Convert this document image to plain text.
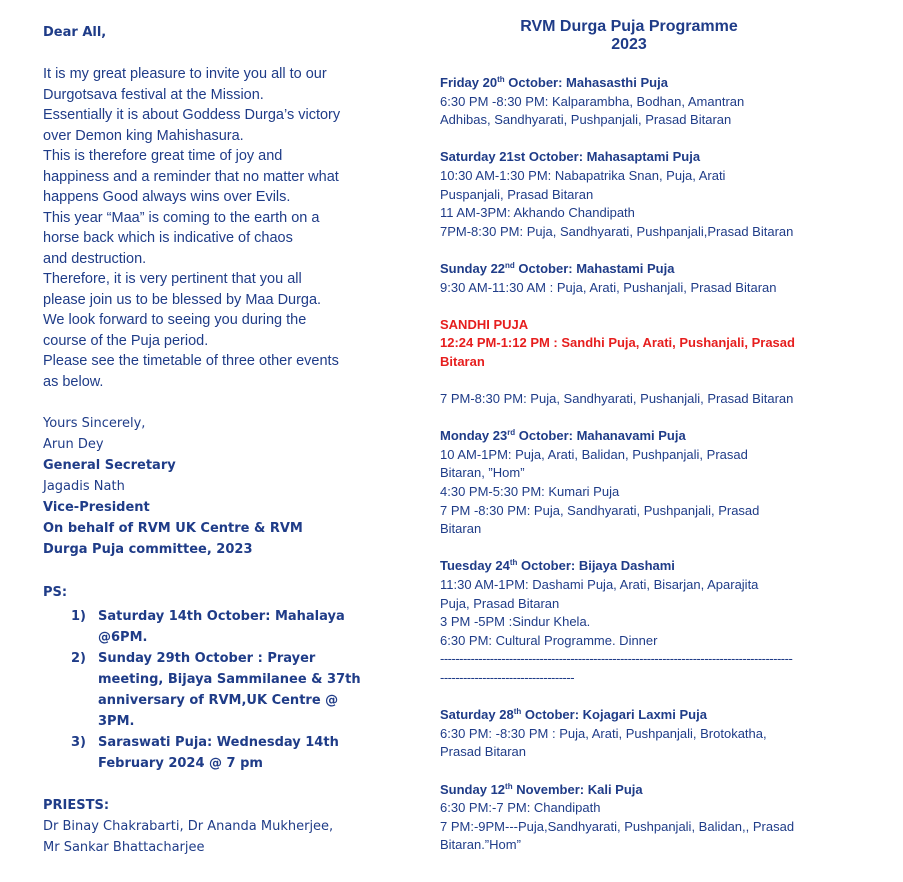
Dear All,
It is my great pleasure to invite you all to our
Durgotsava festival at the Mission.
Essentially it is about Goddess Durga’s victory
over Demon king Mahishasura.
This is therefore great time of joy and
happiness and a reminder that no matter what
happens Good always wins over Evils.
This year “Maa” is coming to the earth on a
horse back which is indicative of chaos
and destruction.
Therefore, it is very pertinent that you all
please join us to be blessed by Maa Durga.
We look forward to seeing you during the
course of the Puja period.
Please see the timetable of three other events
as below.
Yours Sincerely,
Arun Dey
General Secretary
Jagadis Nath
Vice-President
On behalf of RVM UK Centre & RVM
Durga Puja committee, 2023
PS:
1) Saturday 14th October: Mahalaya
@6PM.
2) Sunday 29th October : Prayer
meeting, Bijaya Sammilanee & 37th
anniversary of RVM,UK Centre @
3PM.
3) Saraswati Puja: Wednesday 14th
February 2024 @ 7 pm
PRIESTS:
Dr Binay Chakrabarti, Dr Ananda Mukherjee,
Mr Sankar Bhattacharjee
RVM Durga Puja Programme
2023
Friday 20th October: Mahasasthi Puja
6:30 PM -8:30 PM: Kalparambha, Bodhan, Amantran
Adhibas, Sandhyarati, Pushpanjali, Prasad Bitaran
Saturday 21st October: Mahasaptami Puja
10:30 AM-1:30 PM: Nabapatrika Snan, Puja, Arati
Puspanjali, Prasad Bitaran
11 AM-3PM: Akhando Chandipath
7PM-8:30 PM: Puja, Sandhyarati, Pushpanjali,Prasad Bitaran
Sunday 22nd October: Mahastami Puja
9:30 AM-11:30 AM : Puja, Arati, Pushanjali, Prasad Bitaran
SANDHI PUJA
12:24 PM-1:12 PM : Sandhi Puja, Arati, Pushanjali, Prasad
Bitaran
7 PM-8:30 PM: Puja, Sandhyarati, Pushanjali, Prasad Bitaran
Monday 23rd October: Mahanavami Puja
10 AM-1PM: Puja, Arati, Balidan, Pushpanjali, Prasad
Bitaran, ”Hom”
4:30 PM-5:30 PM: Kumari Puja
7 PM -8:30 PM: Puja, Sandhyarati, Pushpanjali, Prasad
Bitaran
Tuesday 24th October: Bijaya Dashami
11:30 AM-1PM: Dashami Puja, Arati, Bisarjan, Aparajita
Puja, Prasad Bitaran
3 PM -5PM :Sindur Khela.
6:30 PM: Cultural Programme. Dinner
--------------------------------------------------------------------------------------------
-----------------------------------
Saturday 28th October: Kojagari Laxmi Puja
6:30 PM: -8:30 PM : Puja, Arati, Pushpanjali, Brotokatha,
Prasad Bitaran
Sunday 12th November: Kali Puja
6:30 PM:-7 PM: Chandipath
7 PM:-9PM---Puja,Sandhyarati, Pushpanjali, Balidan,, Prasad
Bitaran.”Hom”
